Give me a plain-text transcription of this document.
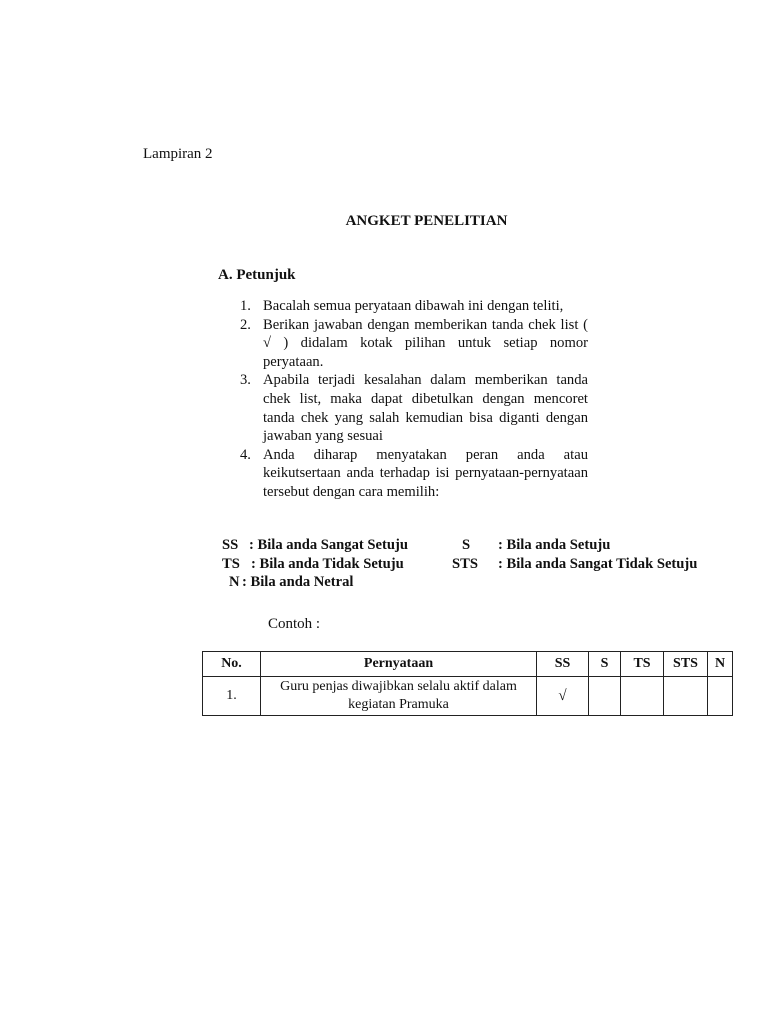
Lampiran 2
ANGKET PENELITIAN
A. Petunjuk
1. Bacalah semua peryataan dibawah ini dengan teliti,
2. Berikan jawaban dengan memberikan tanda chek list ( √ ) didalam kotak pilihan untuk setiap nomor peryataan.
3. Apabila terjadi kesalahan dalam memberikan tanda chek list, maka dapat dibetulkan dengan mencoret tanda chek yang salah kemudian bisa diganti dengan jawaban yang sesuai
4. Anda diharap menyatakan peran anda atau keikutsertaan anda terhadap isi pernyataan-pernyataan tersebut dengan cara memilih:
SS : Bila anda Sangat Setuju	S : Bila anda Setuju
TS : Bila anda Tidak Setuju	STS : Bila anda Sangat Tidak Setuju
N : Bila anda Netral
Contoh :
No.	Pernyataan	SS	S	TS	STS	N
1.	Guru penjas diwajibkan selalu aktif dalam kegiatan Pramuka	√				
